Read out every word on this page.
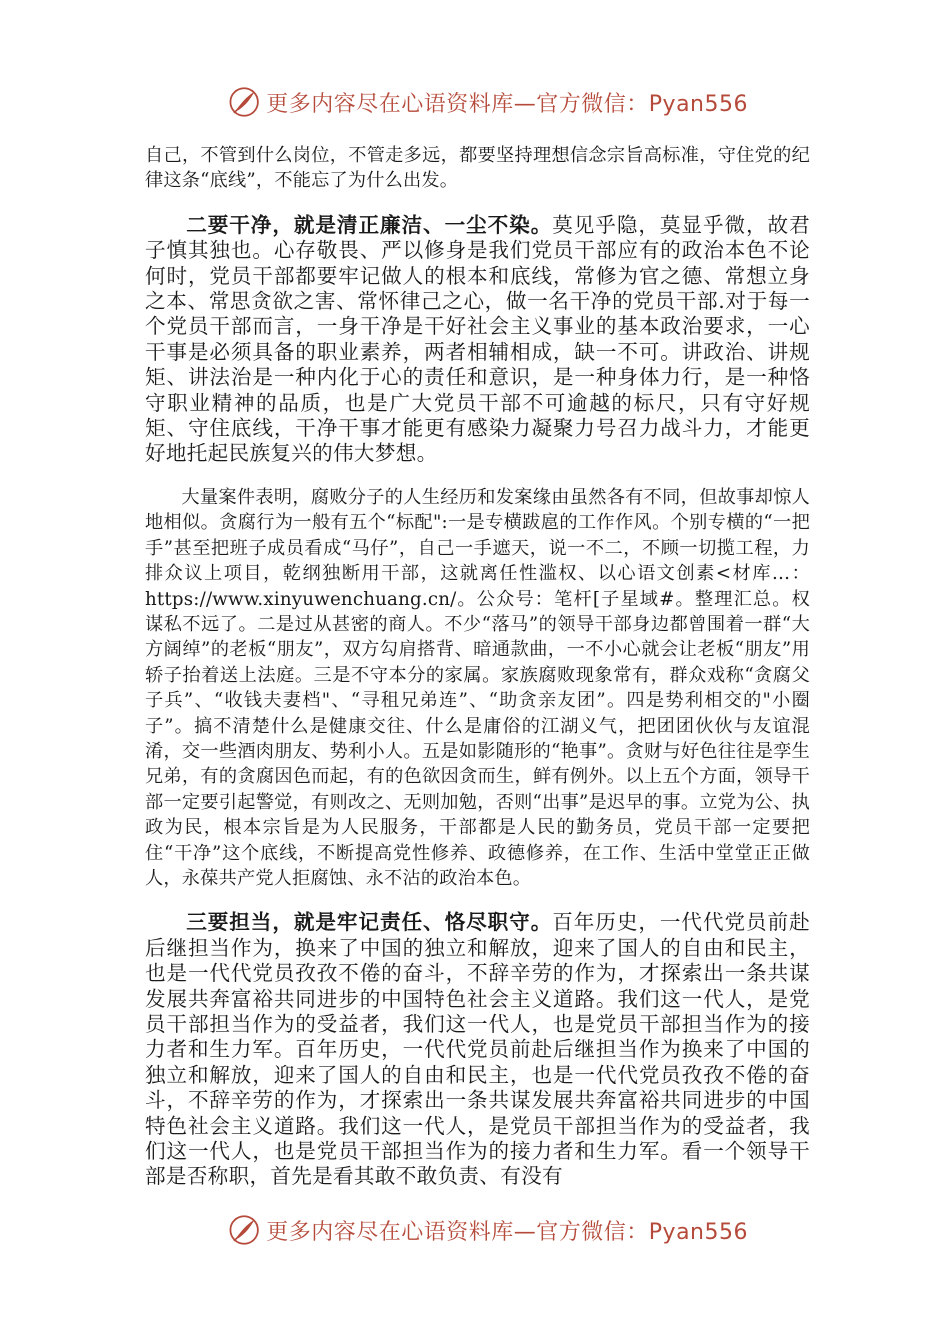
更多内容尽在心语资料库—官方微信：Pyan556

自己，不管到什么岗位，不管走多远，都要坚持理想信念宗旨高标准，守住党的纪律这条“底线”，不能忘了为什么出发。

二要干净，就是清正廉洁、一尘不染。莫见乎隐，莫显乎微，故君子慎其独也。心存敬畏、严以修身是我们党员干部应有的政治本色不论何时，党员干部都要牢记做人的根本和底线，常修为官之德、常想立身之本、常思贪欲之害、常怀律己之心，做一名干净的党员干部.对于每一个党员干部而言，一身干净是干好社会主义事业的基本政治要求，一心干事是必须具备的职业素养，两者相辅相成，缺一不可。讲政治、讲规矩、讲法治是一种内化于心的责任和意识，是一种身体力行，是一种恪守职业精神的品质，也是广大党员干部不可逾越的标尺，只有守好规矩、守住底线，干净干事才能更有感染力凝聚力号召力战斗力，才能更好地托起民族复兴的伟大梦想。

大量案件表明，腐败分子的人生经历和发案缘由虽然各有不同，但故事却惊人地相似。贪腐行为一般有五个“标配":一是专横跋扈的工作作风。个别专横的“一把手”甚至把班子成员看成“马仔”，自己一手遮天，说一不二，不顾一切揽工程，力排众议上项目，乾纲独断用干部，这就离任性滥权、以心语文创素<材库…：https://www.xinyuwenchuang.cn/。公众号：笔杆[子星域#。整理汇总。权谋私不远了。二是过从甚密的商人。不少“落马”的领导干部身边都曾围着一群“大方阔绰”的老板“朋友”，双方勾肩搭背、暗通款曲，一不小心就会让老板“朋友”用轿子抬着送上法庭。三是不守本分的家属。家族腐败现象常有，群众戏称“贪腐父子兵”、“收钱夫妻档"、“寻租兄弟连”、“助贪亲友团”。四是势利相交的"小圈子”。搞不清楚什么是健康交往、什么是庸俗的江湖义气，把团团伙伙与友谊混淆，交一些酒肉朋友、势利小人。五是如影随形的“艳事”。贪财与好色往往是孪生兄弟，有的贪腐因色而起，有的色欲因贪而生，鲜有例外。以上五个方面，领导干部一定要引起警觉，有则改之、无则加勉，否则“出事”是迟早的事。立党为公、执政为民，根本宗旨是为人民服务，干部都是人民的勤务员，党员干部一定要把住“干净”这个底线，不断提高党性修养、政德修养，在工作、生活中堂堂正正做人，永葆共产党人拒腐蚀、永不沾的政治本色。

三要担当，就是牢记责任、恪尽职守。百年历史，一代代党员前赴后继担当作为，换来了中国的独立和解放，迎来了国人的自由和民主，也是一代代党员孜孜不倦的奋斗，不辞辛劳的作为，才探索出一条共谋发展共奔富裕共同进步的中国特色社会主义道路。我们这一代人，是党员干部担当作为的受益者，我们这一代人，也是党员干部担当作为的接力者和生力军。百年历史，一代代党员前赴后继担当作为换来了中国的独立和解放，迎来了国人的自由和民主，也是一代代党员孜孜不倦的奋斗，不辞辛劳的作为，才探索出一条共谋发展共奔富裕共同进步的中国特色社会主义道路。我们这一代人，是党员干部担当作为的受益者，我们这一代人，也是党员干部担当作为的接力者和生力军。看一个领导干部是否称职，首先是看其敢不敢负责、有没有

更多内容尽在心语资料库—官方微信：Pyan556
